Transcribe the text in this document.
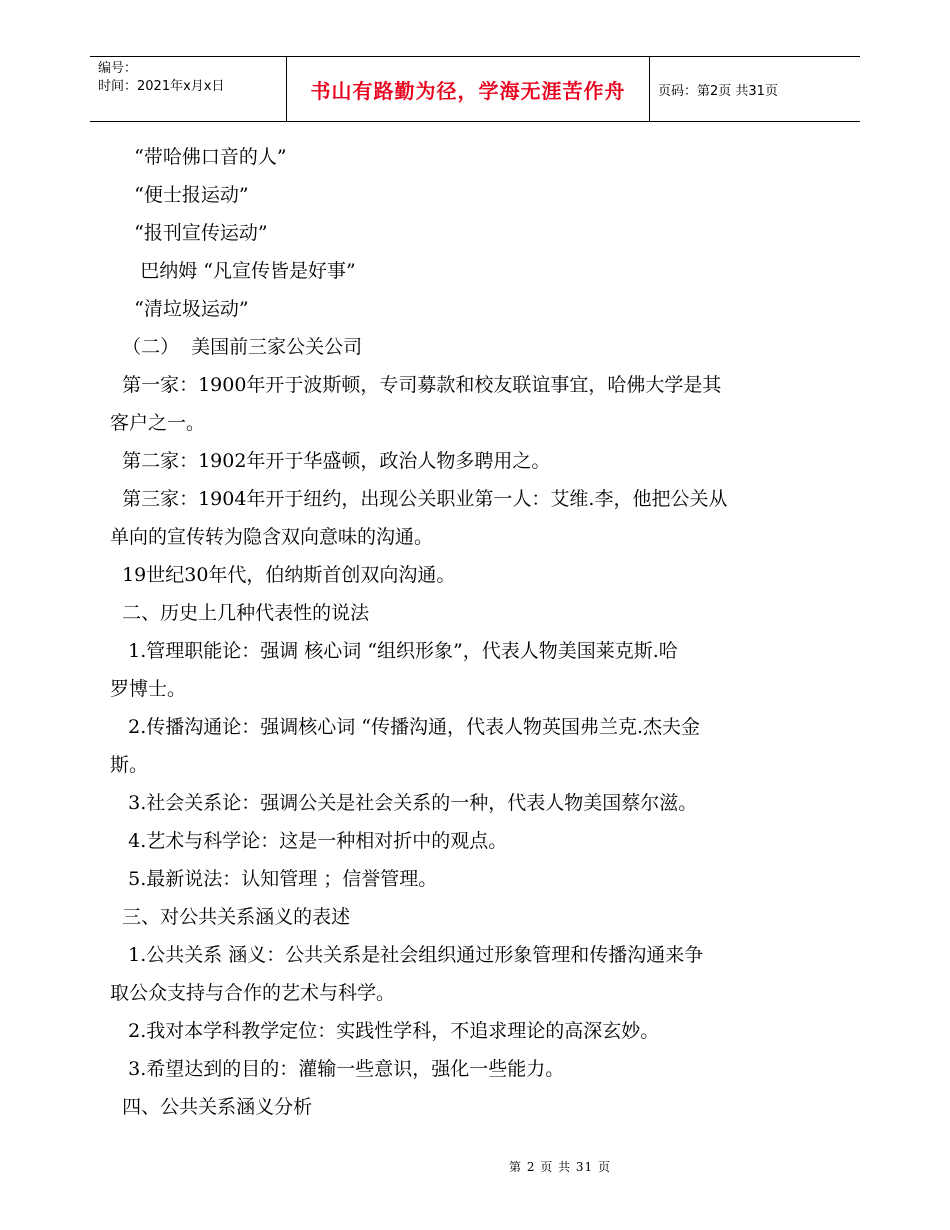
编号：
时间：2021年x月x日	书山有路勤为径，学海无涯苦作舟	页码：第2页 共31页
“带哈佛口音的人”
“便士报运动”
“报刊宣传运动”
巴纳姆 “凡宣传皆是好事”
“清垃圾运动”
（二）  美国前三家公关公司
第一家：1900年开于波斯顿，专司募款和校友联谊事宜，哈佛大学是其
客户之一。
第二家：1902年开于华盛顿，政治人物多聘用之。
第三家：1904年开于纽约，出现公关职业第一人：艾维.李，他把公关从
单向的宣传转为隐含双向意味的沟通。
19世纪30年代，伯纳斯首创双向沟通。
二、历史上几种代表性的说法
1.管理职能论：强调 核心词 “组织形象”，代表人物美国莱克斯.哈
罗博士。
2.传播沟通论：强调核心词 “传播沟通，代表人物英国弗兰克.杰夫金
斯。
3.社会关系论：强调公关是社会关系的一种，代表人物美国蔡尔滋。
4.艺术与科学论：这是一种相对折中的观点。
5.最新说法：认知管理 ；信誉管理。
三、对公共关系涵义的表述
1.公共关系 涵义：公共关系是社会组织通过形象管理和传播沟通来争
取公众支持与合作的艺术与科学。
2.我对本学科教学定位：实践性学科，不追求理论的高深玄妙。
3.希望达到的目的：灌输一些意识，强化一些能力。
四、公共关系涵义分析
第 2 页 共 31 页
